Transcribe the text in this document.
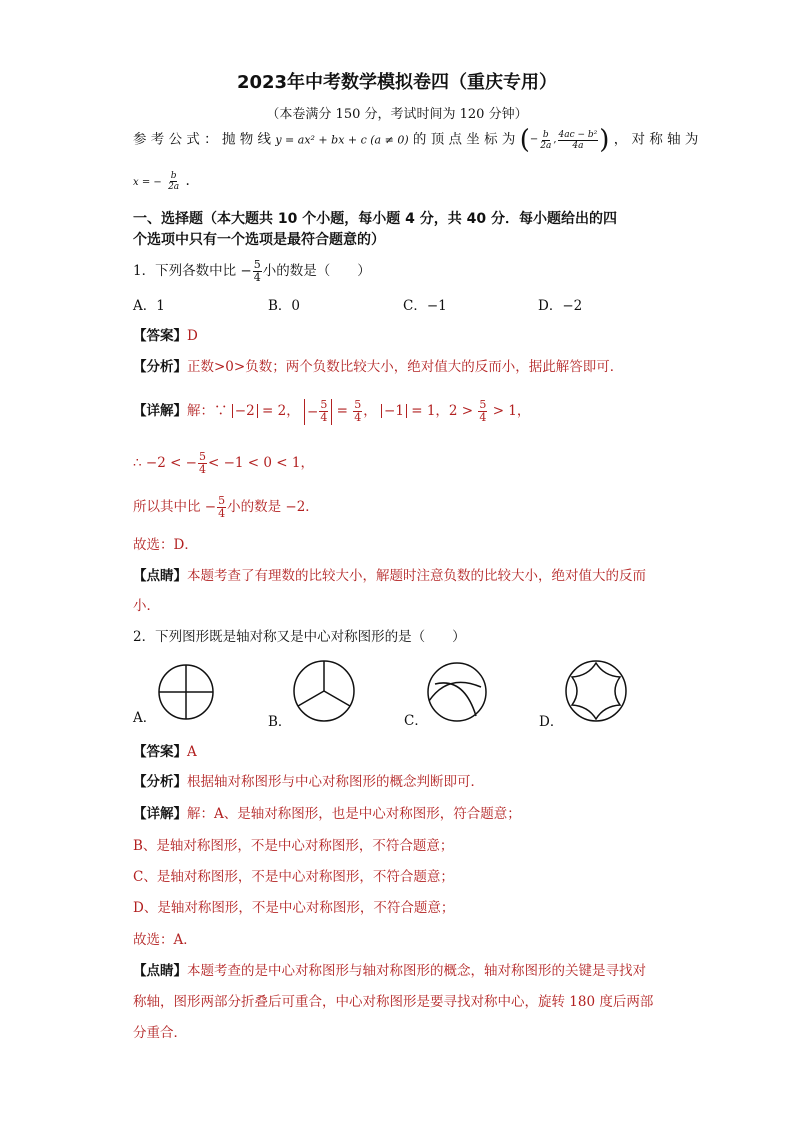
2023年中考数学模拟卷四（重庆专用）
（本卷满分 150 分，考试时间为 120 分钟）
参 考 公 式 ： 抛 物 线 y = ax² + bx + c (a ≠ 0) 的 顶 点 坐 标 为 ( − $\frac{b}{2a}$ , $\frac{\text{4ac − b²}}{4a}$ ) ， 对 称 轴 为
x = − $\frac{b}{2a}$ .
一、选择题（本大题共 10 个小题，每小题 4 分，共 40 分．每小题给出的四
个选项中只有一个选项是最符合题意的）
1．下列各数中比 − $\frac{5}{4}$ 小的数是（　　）
A．1	B．0	C．−1	D．−2
【答案】D
【分析】正数>0>负数；两个负数比较大小，绝对值大的反而小，据此解答即可．
【详解】解：∵ −2 = 2， − $\frac{5}{4} = \frac{5}{4}$ ， −1 = 1，$2 > \frac{5}{4} > 1$，
∴ −2 < − $\frac{5}{4} < -1 < 0 < 1$，
所以其中比 − $\frac{5}{4}$ 小的数是 −2．
故选：D．
【点睛】本题考查了有理数的比较大小，解题时注意负数的比较大小，绝对值大的反而
小．
2．下列图形既是轴对称又是中心对称图形的是（　　）
A．	B．	C．	D．
【答案】A
【分析】根据轴对称图形与中心对称图形的概念判断即可．
【详解】解：A、是轴对称图形，也是中心对称图形，符合题意；
B、是轴对称图形，不是中心对称图形，不符合题意；
C、是轴对称图形，不是中心对称图形，不符合题意；
D、是轴对称图形，不是中心对称图形，不符合题意；
故选：A．
【点睛】本题考查的是中心对称图形与轴对称图形的概念，轴对称图形的关键是寻找对
称轴，图形两部分折叠后可重合，中心对称图形是要寻找对称中心，旋转 180 度后两部
分重合．
